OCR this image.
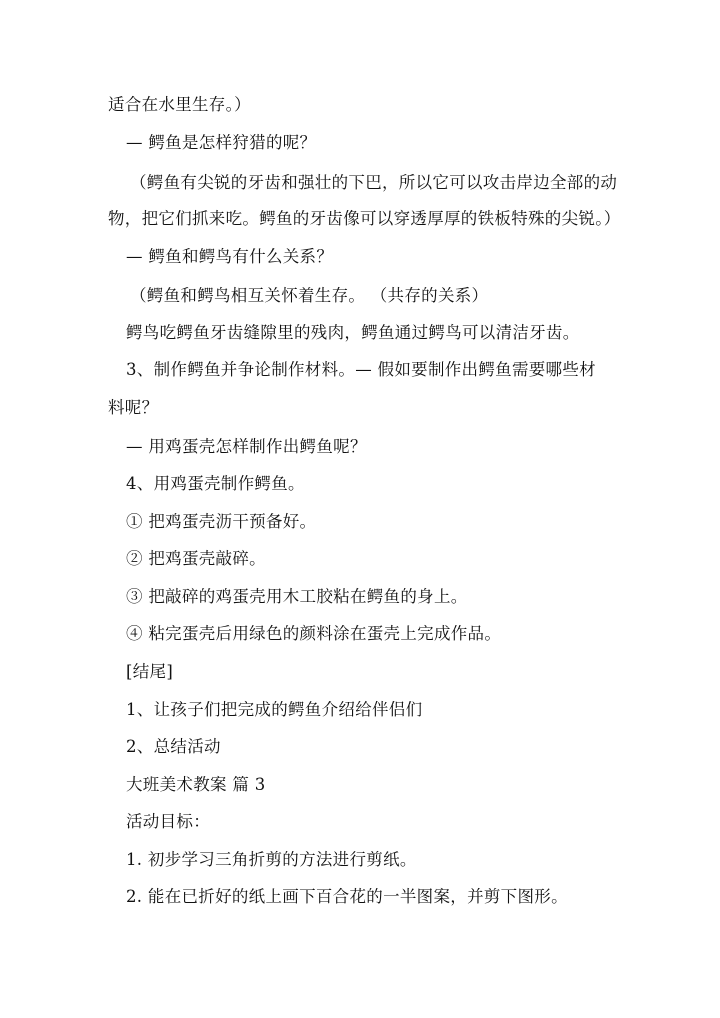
适合在水里生存。）
— 鳄鱼是怎样狩猎的呢？
（鳄鱼有尖锐的牙齿和强壮的下巴，所以它可以攻击岸边全部的动
物，把它们抓来吃。鳄鱼的牙齿像可以穿透厚厚的铁板特殊的尖锐。）
— 鳄鱼和鳄鸟有什么关系？
（鳄鱼和鳄鸟相互关怀着生存。 （共存的关系）
鳄鸟吃鳄鱼牙齿缝隙里的残肉，鳄鱼通过鳄鸟可以清洁牙齿。
3、制作鳄鱼并争论制作材料。— 假如要制作出鳄鱼需要哪些材
料呢？
— 用鸡蛋壳怎样制作出鳄鱼呢？
4、用鸡蛋壳制作鳄鱼。
① 把鸡蛋壳沥干预备好。
② 把鸡蛋壳敲碎。
③ 把敲碎的鸡蛋壳用木工胶粘在鳄鱼的身上。
④ 粘完蛋壳后用绿色的颜料涂在蛋壳上完成作品。
[结尾]
1、让孩子们把完成的鳄鱼介绍给伴侣们
2、总结活动
大班美术教案 篇 3
活动目标：
1. 初步学习三角折剪的方法进行剪纸。
2. 能在已折好的纸上画下百合花的一半图案，并剪下图形。
